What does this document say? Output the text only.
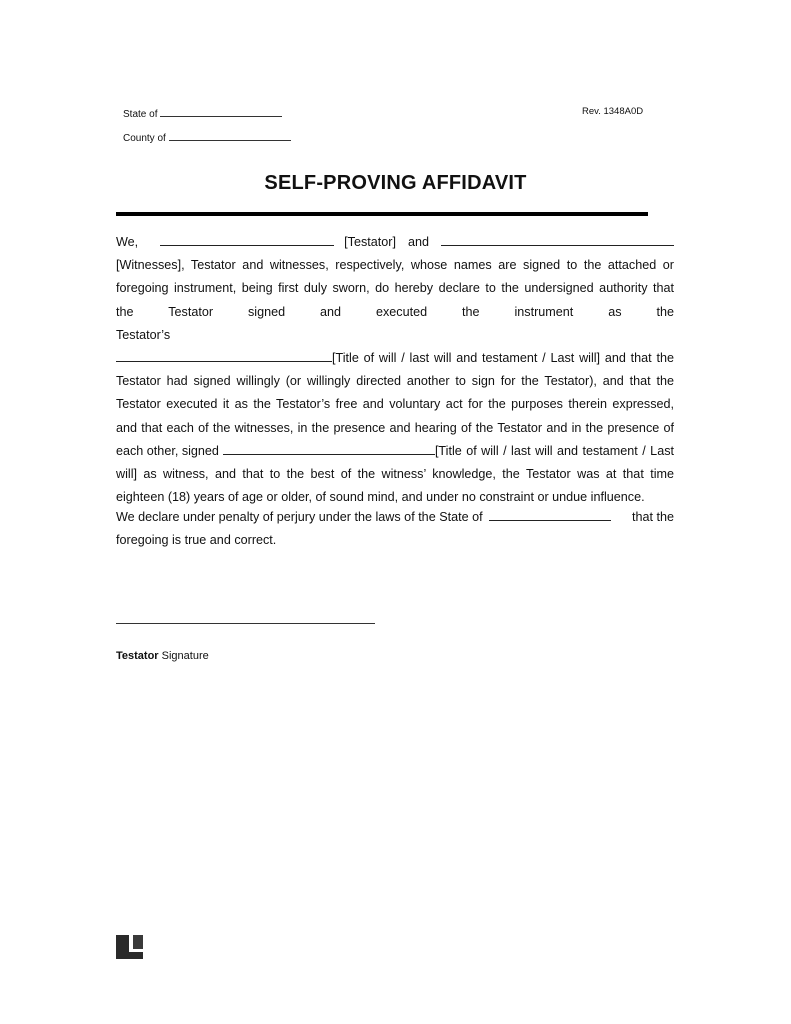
State of
County of
Rev. 1348A0D
SELF-PROVING AFFIDAVIT
We,	[Testator] and
[Witnesses], Testator and witnesses, respectively, whose names are signed to the attached or
foregoing instrument, being first duly sworn, do hereby declare to the undersigned authority that
the Testator signed and executed the instrument as the Testator’s
[Title of will / last will and testament / Last will] and that the
Testator had signed willingly (or willingly directed another to sign for the Testator), and that the
Testator executed it as the Testator’s free and voluntary act for the purposes therein expressed,
and that each of the witnesses, in the presence and hearing of the Testator and in the presence of
each other, signed	[Title of will / last will and testament / Last
will] as witness, and that to the best of the witness’ knowledge, the Testator was at that time
eighteen (18) years of age or older, of sound mind, and under no constraint or undue influence.
We declare under penalty of perjury under the laws of the State of	that the
foregoing is true and correct.
Testator Signature
